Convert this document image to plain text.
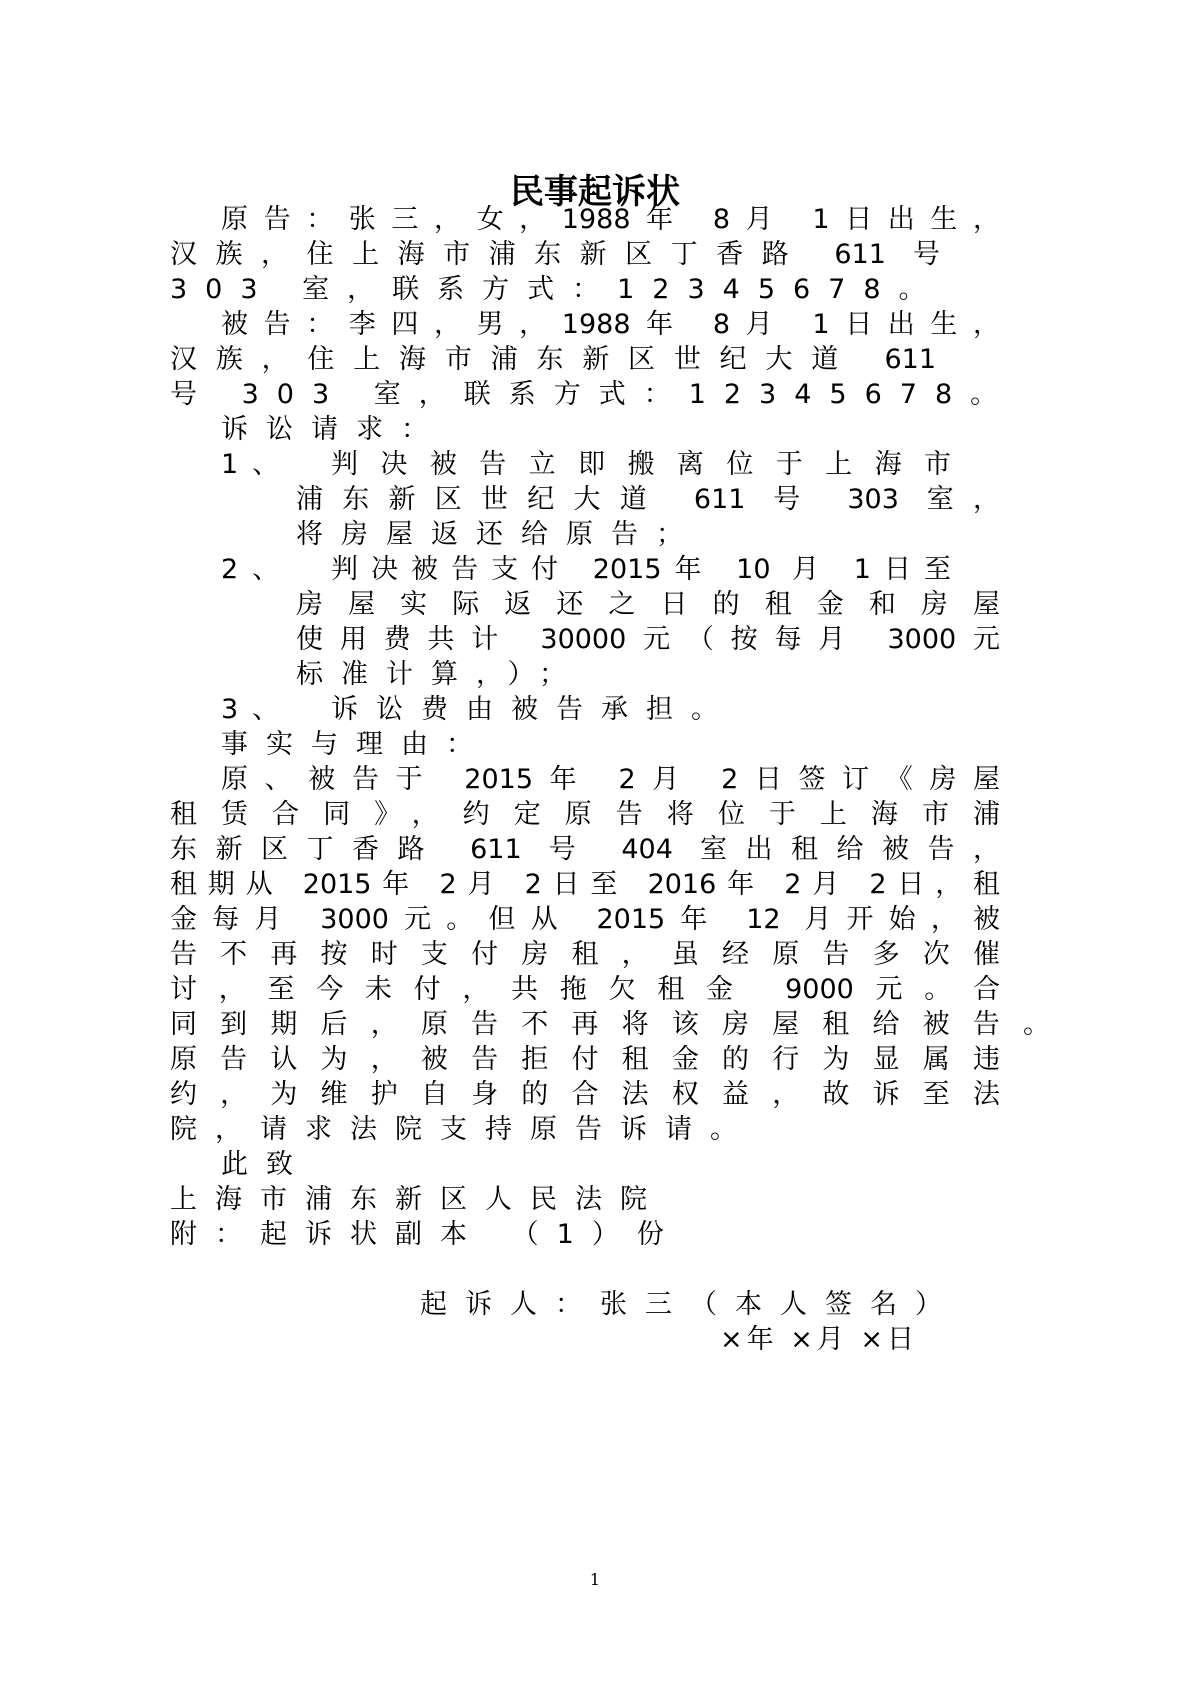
民事起诉状
原告：张三，女，1988年 8月 1日出生，
汉族，住上海市浦东新区丁香路 611 号
303 室，联系方式：12345678。
被告：李四，男，1988年 8月 1日出生，
汉族，住上海市浦东新区世纪大道 611
号 303 室，联系方式：12345678。
诉讼请求：
1、 判决被告立即搬离位于上海市
浦东新区世纪大道 611 号 303 室，
将房屋返还给原告；
2、 判决被告支付 2015年 10 月 1日至
房屋实际返还之日的租金和房屋
使用费共计 30000元（按每月 3000元
标准计算，）；
3、 诉讼费由被告承担。
事实与理由：
原、被告于 2015年 2月 2日签订《房屋
租赁合同》，约定原告将位于上海市浦
东新区丁香路 611 号 404 室出租给被告，
租期从 2015年 2月 2日至 2016年 2月 2日，租
金每月 3000元。但从 2015年 12 月开始，被
告不再按时支付房租，虽经原告多次催
讨，至今未付，共拖欠租金 9000元。合
同到期后，原告不再将该房屋租给被告。
原告认为，被告拒付租金的行为显属违
约，为维护自身的合法权益，故诉至法
院，请求法院支持原告诉请。
此致
上海市浦东新区人民法院
附：起诉状副本 （1）份
起诉人：张三（本人签名）
×年 ×月 ×日
1
